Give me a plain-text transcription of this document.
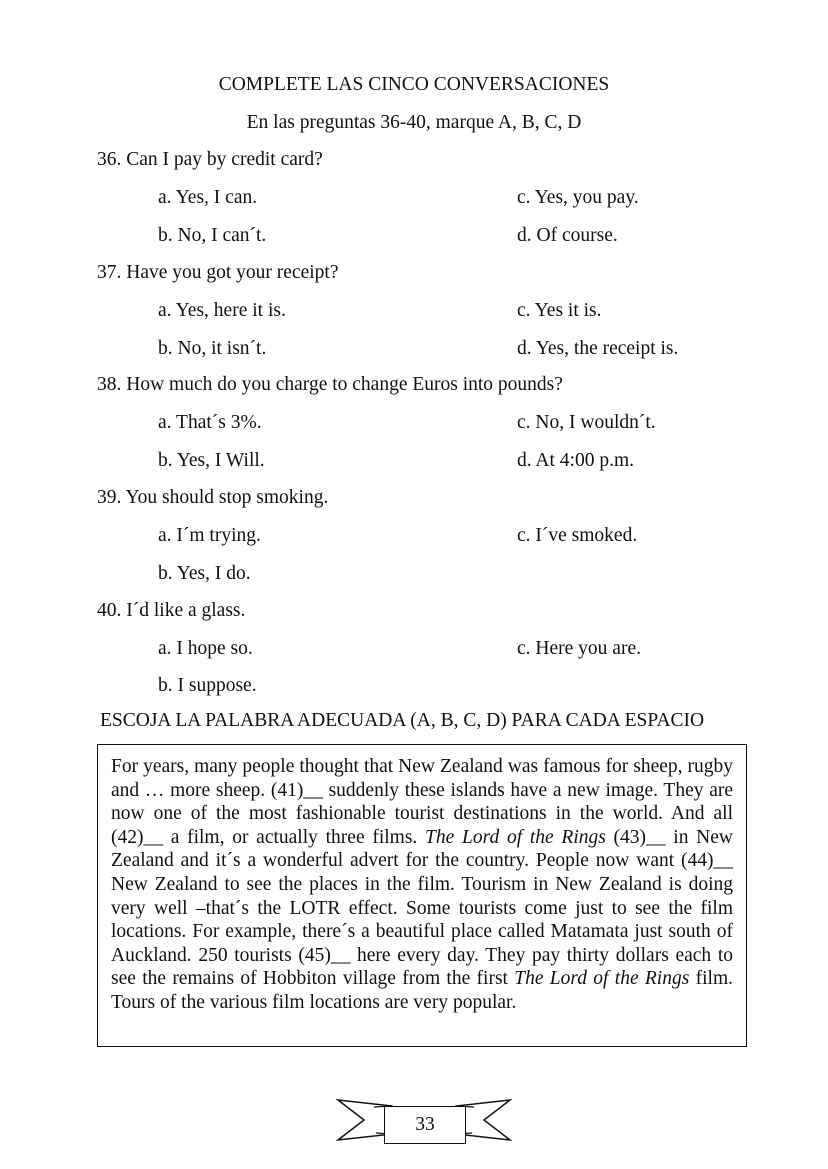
COMPLETE LAS CINCO CONVERSACIONES
En las preguntas 36-40, marque A, B, C, D
36. Can I pay by credit card?
a. Yes, I can.	c. Yes, you pay.
b. No, I can´t.	d. Of course.
37. Have you got your receipt?
a. Yes, here it is.	c. Yes it is.
b. No, it isn´t.	d. Yes, the receipt is.
38. How much do you charge to change Euros into pounds?
a. That´s 3%.	c. No, I wouldn´t.
b. Yes, I Will.	d. At 4:00 p.m.
39. You should stop smoking.
a. I´m trying.	c. I´ve smoked.
b. Yes, I do.
40. I´d like a glass.
a. I hope so.	c. Here you are.
b. I suppose.
ESCOJA LA PALABRA ADECUADA (A, B, C, D) PARA CADA ESPACIO
For years, many people thought that New Zealand was famous for sheep, rugby and … more sheep. (41)__ suddenly these islands have a new image. They are now one of the most fashionable tourist destinations in the world. And all (42)__ a film, or actually three films. The Lord of the Rings (43)__ in New Zealand and it´s a wonderful advert for the country. People now want (44)__ New Zealand to see the places in the film. Tourism in New Zealand is doing very well –that´s the LOTR effect. Some tourists come just to see the film locations. For example, there´s a beautiful place called Matamata just south of Auckland. 250 tourists (45)__ here every day. They pay thirty dollars each to see the remains of Hobbiton village from the first The Lord of the Rings film. Tours of the various film locations are very popular.
33
